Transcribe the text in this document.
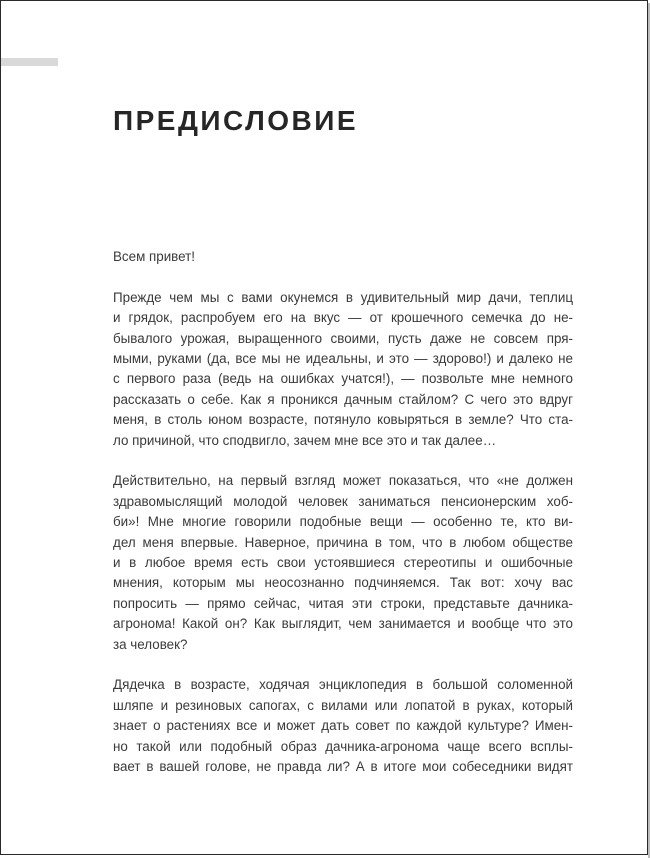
ПРЕДИСЛОВИЕ

Всем привет!

Прежде чем мы с вами окунемся в удивительный мир дачи, теплиц
и грядок, распробуем его на вкус — от крошечного семечка до не-
бывалого урожая, выращенного своими, пусть даже не совсем пря-
мыми, руками (да, все мы не идеальны, и это — здорово!) и далеко не
с первого раза (ведь на ошибках учатся!), — позвольте мне немного
рассказать о себе. Как я проникся дачным стайлом? С чего это вдруг
меня, в столь юном возрасте, потянуло ковыряться в земле? Что ста-
ло причиной, что сподвигло, зачем мне все это и так далее…

Действительно, на первый взгляд может показаться, что «не должен
здравомыслящий молодой человек заниматься пенсионерским хоб-
би»! Мне многие говорили подобные вещи — особенно те, кто ви-
дел меня впервые. Наверное, причина в том, что в любом обществе
и в любое время есть свои устоявшиеся стереотипы и ошибочные
мнения, которым мы неосознанно подчиняемся. Так вот: хочу вас
попросить — прямо сейчас, читая эти строки, представьте дачника-
агронома! Какой он? Как выглядит, чем занимается и вообще что это
за человек?

Дядечка в возрасте, ходячая энциклопедия в большой соломенной
шляпе и резиновых сапогах, с вилами или лопатой в руках, который
знает о растениях все и может дать совет по каждой культуре? Имен-
но такой или подобный образ дачника-агронома чаще всего всплы-
вает в вашей голове, не правда ли? А в итоге мои собеседники видят
